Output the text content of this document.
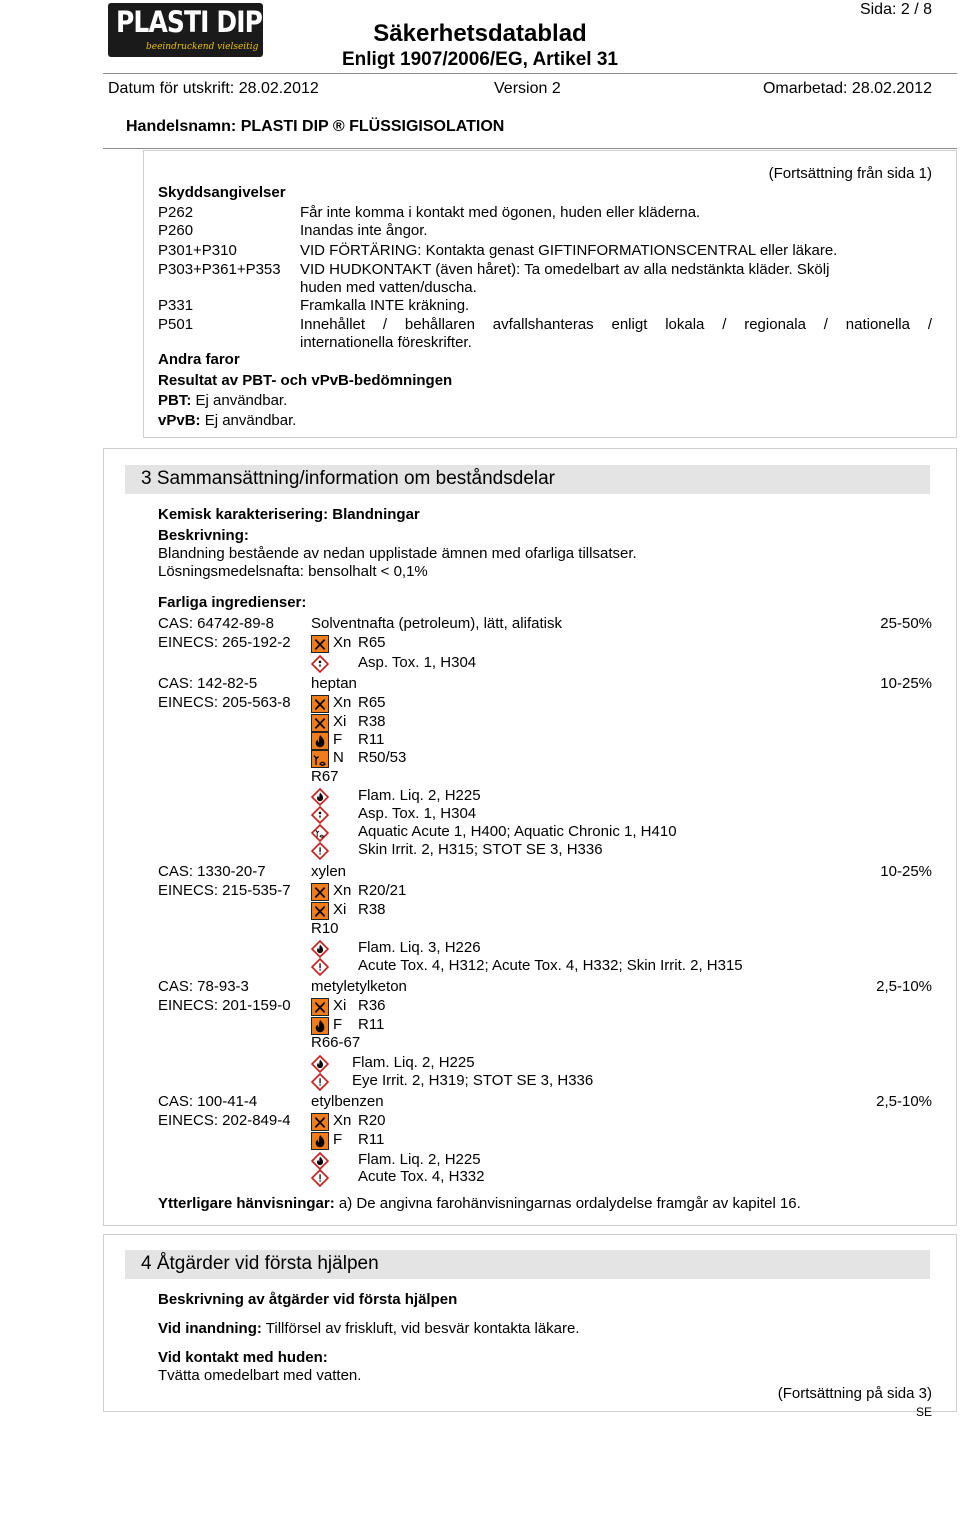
PLASTI DIP
beeindruckend vielseitig
Sida: 2 / 8
Säkerhetsdatablad
Enligt 1907/2006/EG, Artikel 31
Datum för utskrift: 28.02.2012	Version 2	Omarbetad: 28.02.2012
Handelsnamn: PLASTI DIP ® FLÜSSIGISOLATION
(Fortsättning från sida 1)
Skyddsangivelser
Andra faror
Resultat av PBT- och vPvB-bedömningen
PBT: Ej användbar.
vPvB: Ej användbar.
3 Sammansättning/information om beståndsdelar
Kemisk karakterisering: Blandningar
Beskrivning:
Blandning bestående av nedan upplistade ämnen med ofarliga tillsatser.
Lösningsmedelsnafta: bensolhalt < 0,1%
Farliga ingredienser:
Ytterligare hänvisningar: a) De angivna farohänvisningarnas ordalydelse framgår av kapitel 16.
4 Åtgärder vid första hjälpen
Beskrivning av åtgärder vid första hjälpen
Vid inandning: Tillförsel av friskluft, vid besvär kontakta läkare.
Vid kontakt med huden:
Tvätta omedelbart med vatten.
(Fortsättning på sida 3)
SE
P262	Får inte komma i kontakt med ögonen, huden eller kläderna.
P260	Inandas inte ångor.
P301+P310	VID FÖRTÄRING: Kontakta genast GIFTINFORMATIONSCENTRAL eller läkare.
P303+P361+P353 VID HUDKONTAKT (även håret): Ta omedelbart av alla nedstänkta kläder. Skölj
huden med vatten/duscha.
P331	Framkalla INTE kräkning.
P501	Innehållet / behållaren avfallshanteras enligt lokala / regionala / nationella /
internationella föreskrifter.
CAS: 64742-89-8 Solventnafta (petroleum), lätt, alifatisk	25-50%
EINECS: 265-192-2	Xn R65
Asp. Tox. 1, H304
CAS: 142-82-5	heptan	10-25%
EINECS: 205-563-8	Xn R65
Xi R38
F R11
N R50/53
R67
Flam. Liq. 2, H225
Asp. Tox. 1, H304
Aquatic Acute 1, H400; Aquatic Chronic 1, H410
Skin Irrit. 2, H315; STOT SE 3, H336
CAS: 1330-20-7	xylen	10-25%
EINECS: 215-535-7	Xn R20/21
Xi R38
R10
Flam. Liq. 3, H226
Acute Tox. 4, H312; Acute Tox. 4, H332; Skin Irrit. 2, H315
CAS: 78-93-3	metyletylketon	2,5-10%
EINECS: 201-159-0	Xi R36
F R11
R66-67
Flam. Liq. 2, H225
Eye Irrit. 2, H319; STOT SE 3, H336
CAS: 100-41-4	etylbenzen	2,5-10%
EINECS: 202-849-4	Xn R20
F R11
Flam. Liq. 2, H225
Acute Tox. 4, H332
